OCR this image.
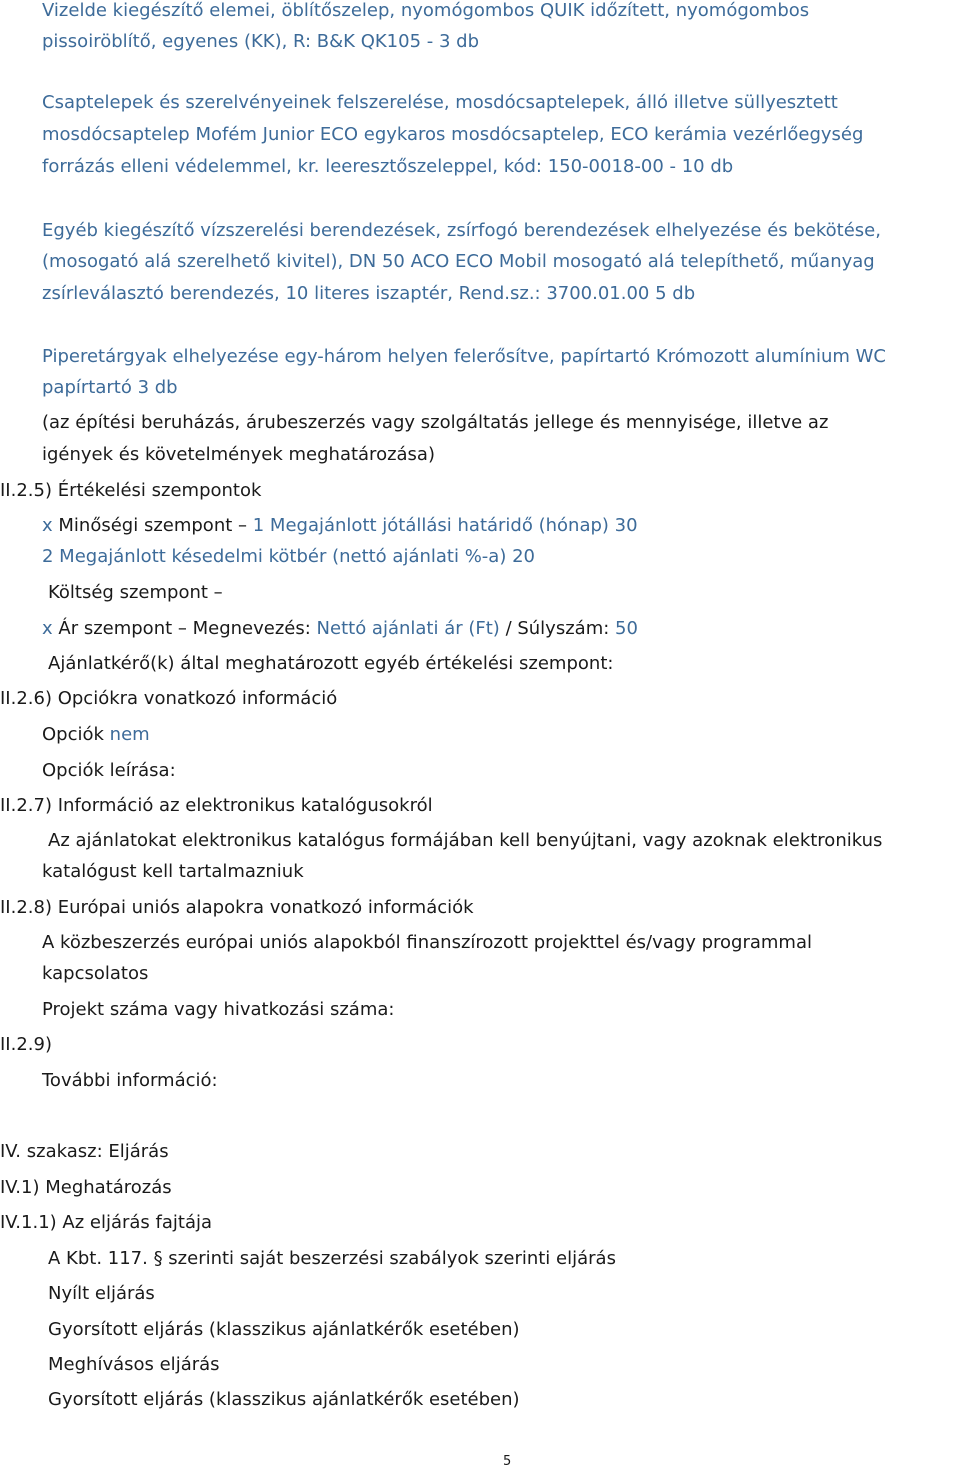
Vizelde kiegészítő elemei, öblítőszelep, nyomógombos QUIK időzített, nyomógombos
pissoiröblítő, egyenes (KK), R: B&K QK105 - 3 db
Csaptelepek és szerelvényeinek felszerelése, mosdócsaptelepek, álló illetve süllyesztett
mosdócsaptelep Mofém Junior ECO egykaros mosdócsaptelep, ECO kerámia vezérlőegység
forrázás elleni védelemmel, kr. leeresztőszeleppel, kód: 150-0018-00 - 10 db
Egyéb kiegészítő vízszerelési berendezések, zsírfogó berendezések elhelyezése és bekötése,
(mosogató alá szerelhető kivitel), DN 50 ACO ECO Mobil mosogató alá telepíthető, műanyag
zsírleválasztó berendezés, 10 literes iszaptér, Rend.sz.: 3700.01.00 5 db
Piperetárgyak elhelyezése egy-három helyen felerősítve, papírtartó Krómozott alumínium WC
papírtartó 3 db
(az építési beruházás, árubeszerzés vagy szolgáltatás jellege és mennyisége, illetve az
igények és követelmények meghatározása)
II.2.5) Értékelési szempontok
x Minőségi szempont – 1 Megajánlott jótállási határidő (hónap) 30
2 Megajánlott késedelmi kötbér (nettó ajánlati %-a) 20
Költség szempont –
x Ár szempont – Megnevezés: Nettó ajánlati ár (Ft) / Súlyszám: 50
Ajánlatkérő(k) által meghatározott egyéb értékelési szempont:
II.2.6) Opciókra vonatkozó információ
Opciók nem
Opciók leírása:
II.2.7) Információ az elektronikus katalógusokról
Az ajánlatokat elektronikus katalógus formájában kell benyújtani, vagy azoknak elektronikus
katalógust kell tartalmazniuk
II.2.8) Európai uniós alapokra vonatkozó információk
A közbeszerzés európai uniós alapokból finanszírozott projekttel és/vagy programmal
kapcsolatos
Projekt száma vagy hivatkozási száma:
II.2.9)
További információ:
IV. szakasz: Eljárás
IV.1) Meghatározás
IV.1.1) Az eljárás fajtája
A Kbt. 117. § szerinti saját beszerzési szabályok szerinti eljárás
Nyílt eljárás
Gyorsított eljárás (klasszikus ajánlatkérők esetében)
Meghívásos eljárás
Gyorsított eljárás (klasszikus ajánlatkérők esetében)
5
